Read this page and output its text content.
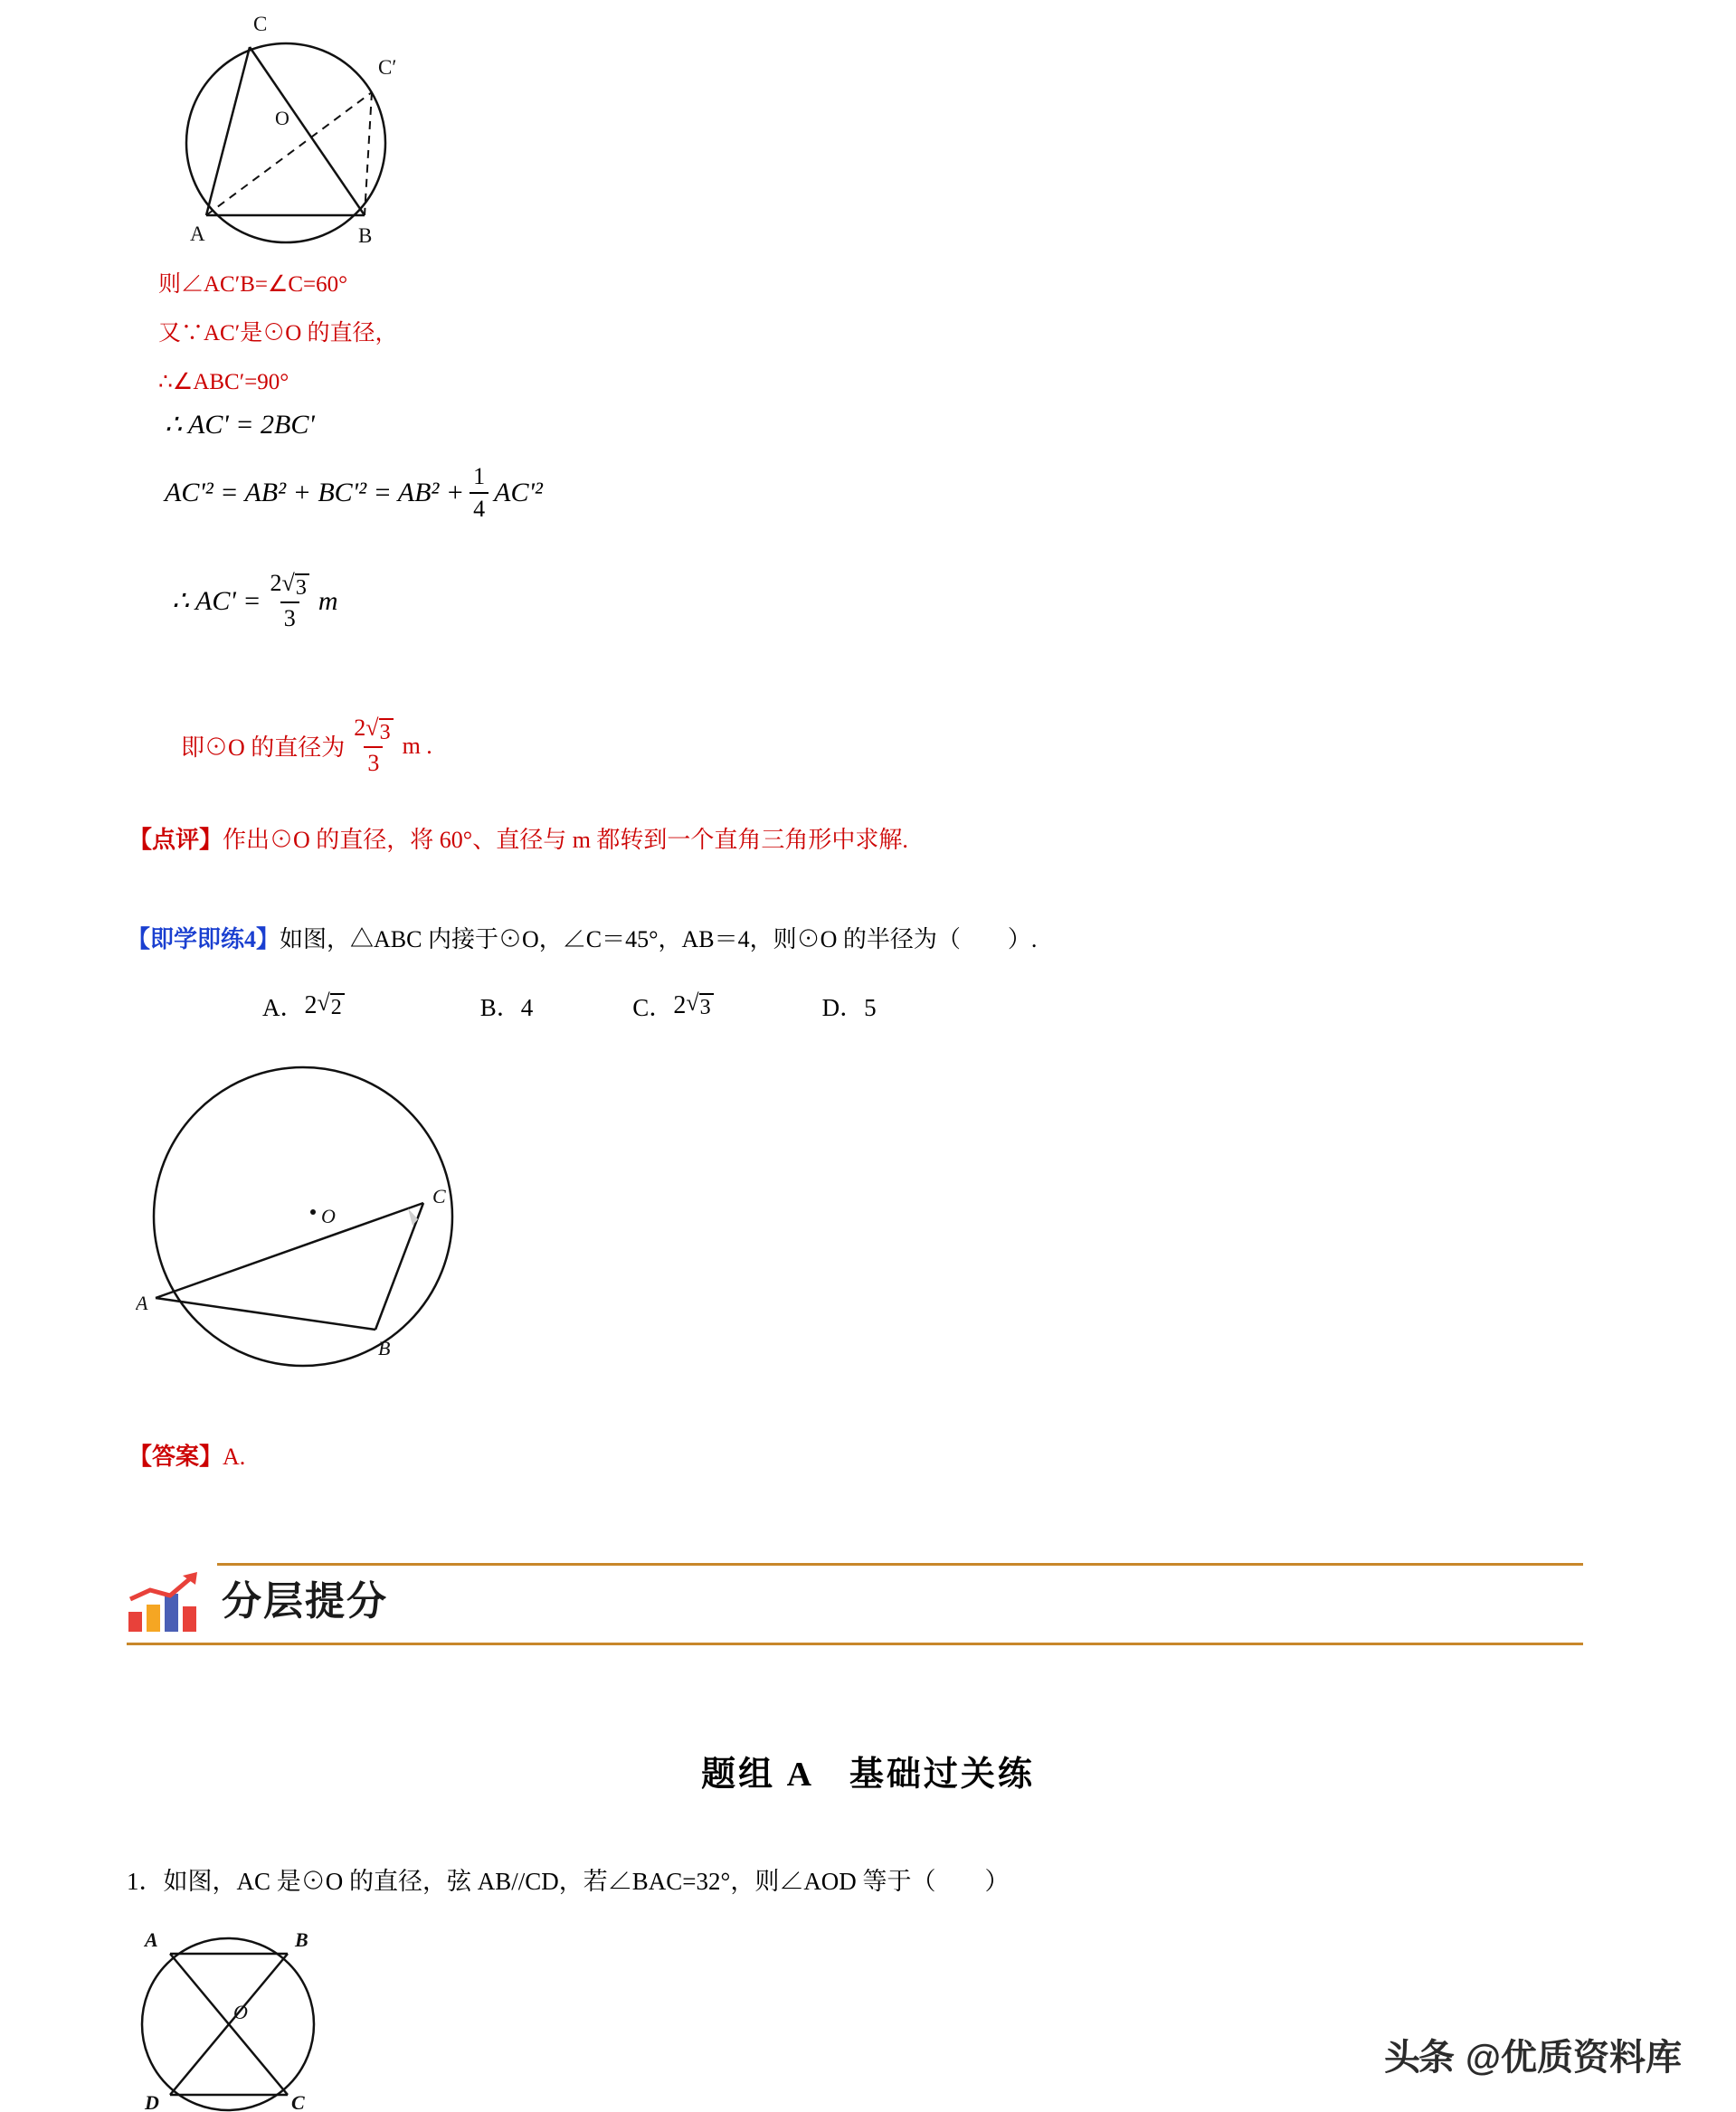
C
C′
O
A	B
则∠AC′B=∠C=60°
又∵AC′是⊙O 的直径，
∴∠ABC′=90°
∴ AC' = 2BC'
$AC'^2 = AB^2 + BC'^2 = AB^2 + \frac{1}{4} AC'^2$
∴ $AC' = \frac{2 √ 3}{3}$ m
即⊙O 的直径为 $\frac{2 √ 3}{3}$ m .
【点评】作出⊙O 的直径，将 60°、直径与 m 都转到一个直角三角形中求解.
【即学即练4】如图，△ABC 内接于⊙O，∠C＝45°，AB＝4，则⊙O 的半径为（　　）.
A． 2 √ 2	B．4	C． 2 √ 3	D．5
O
C
A
B
【答案】A.
分层提分
题组 A　基础过关练
1．如图，AC 是⊙O 的直径，弦 AB//CD，若∠BAC=32°，则∠AOD 等于（　　）
A	B
O
D	C
头条 @优质资料库
